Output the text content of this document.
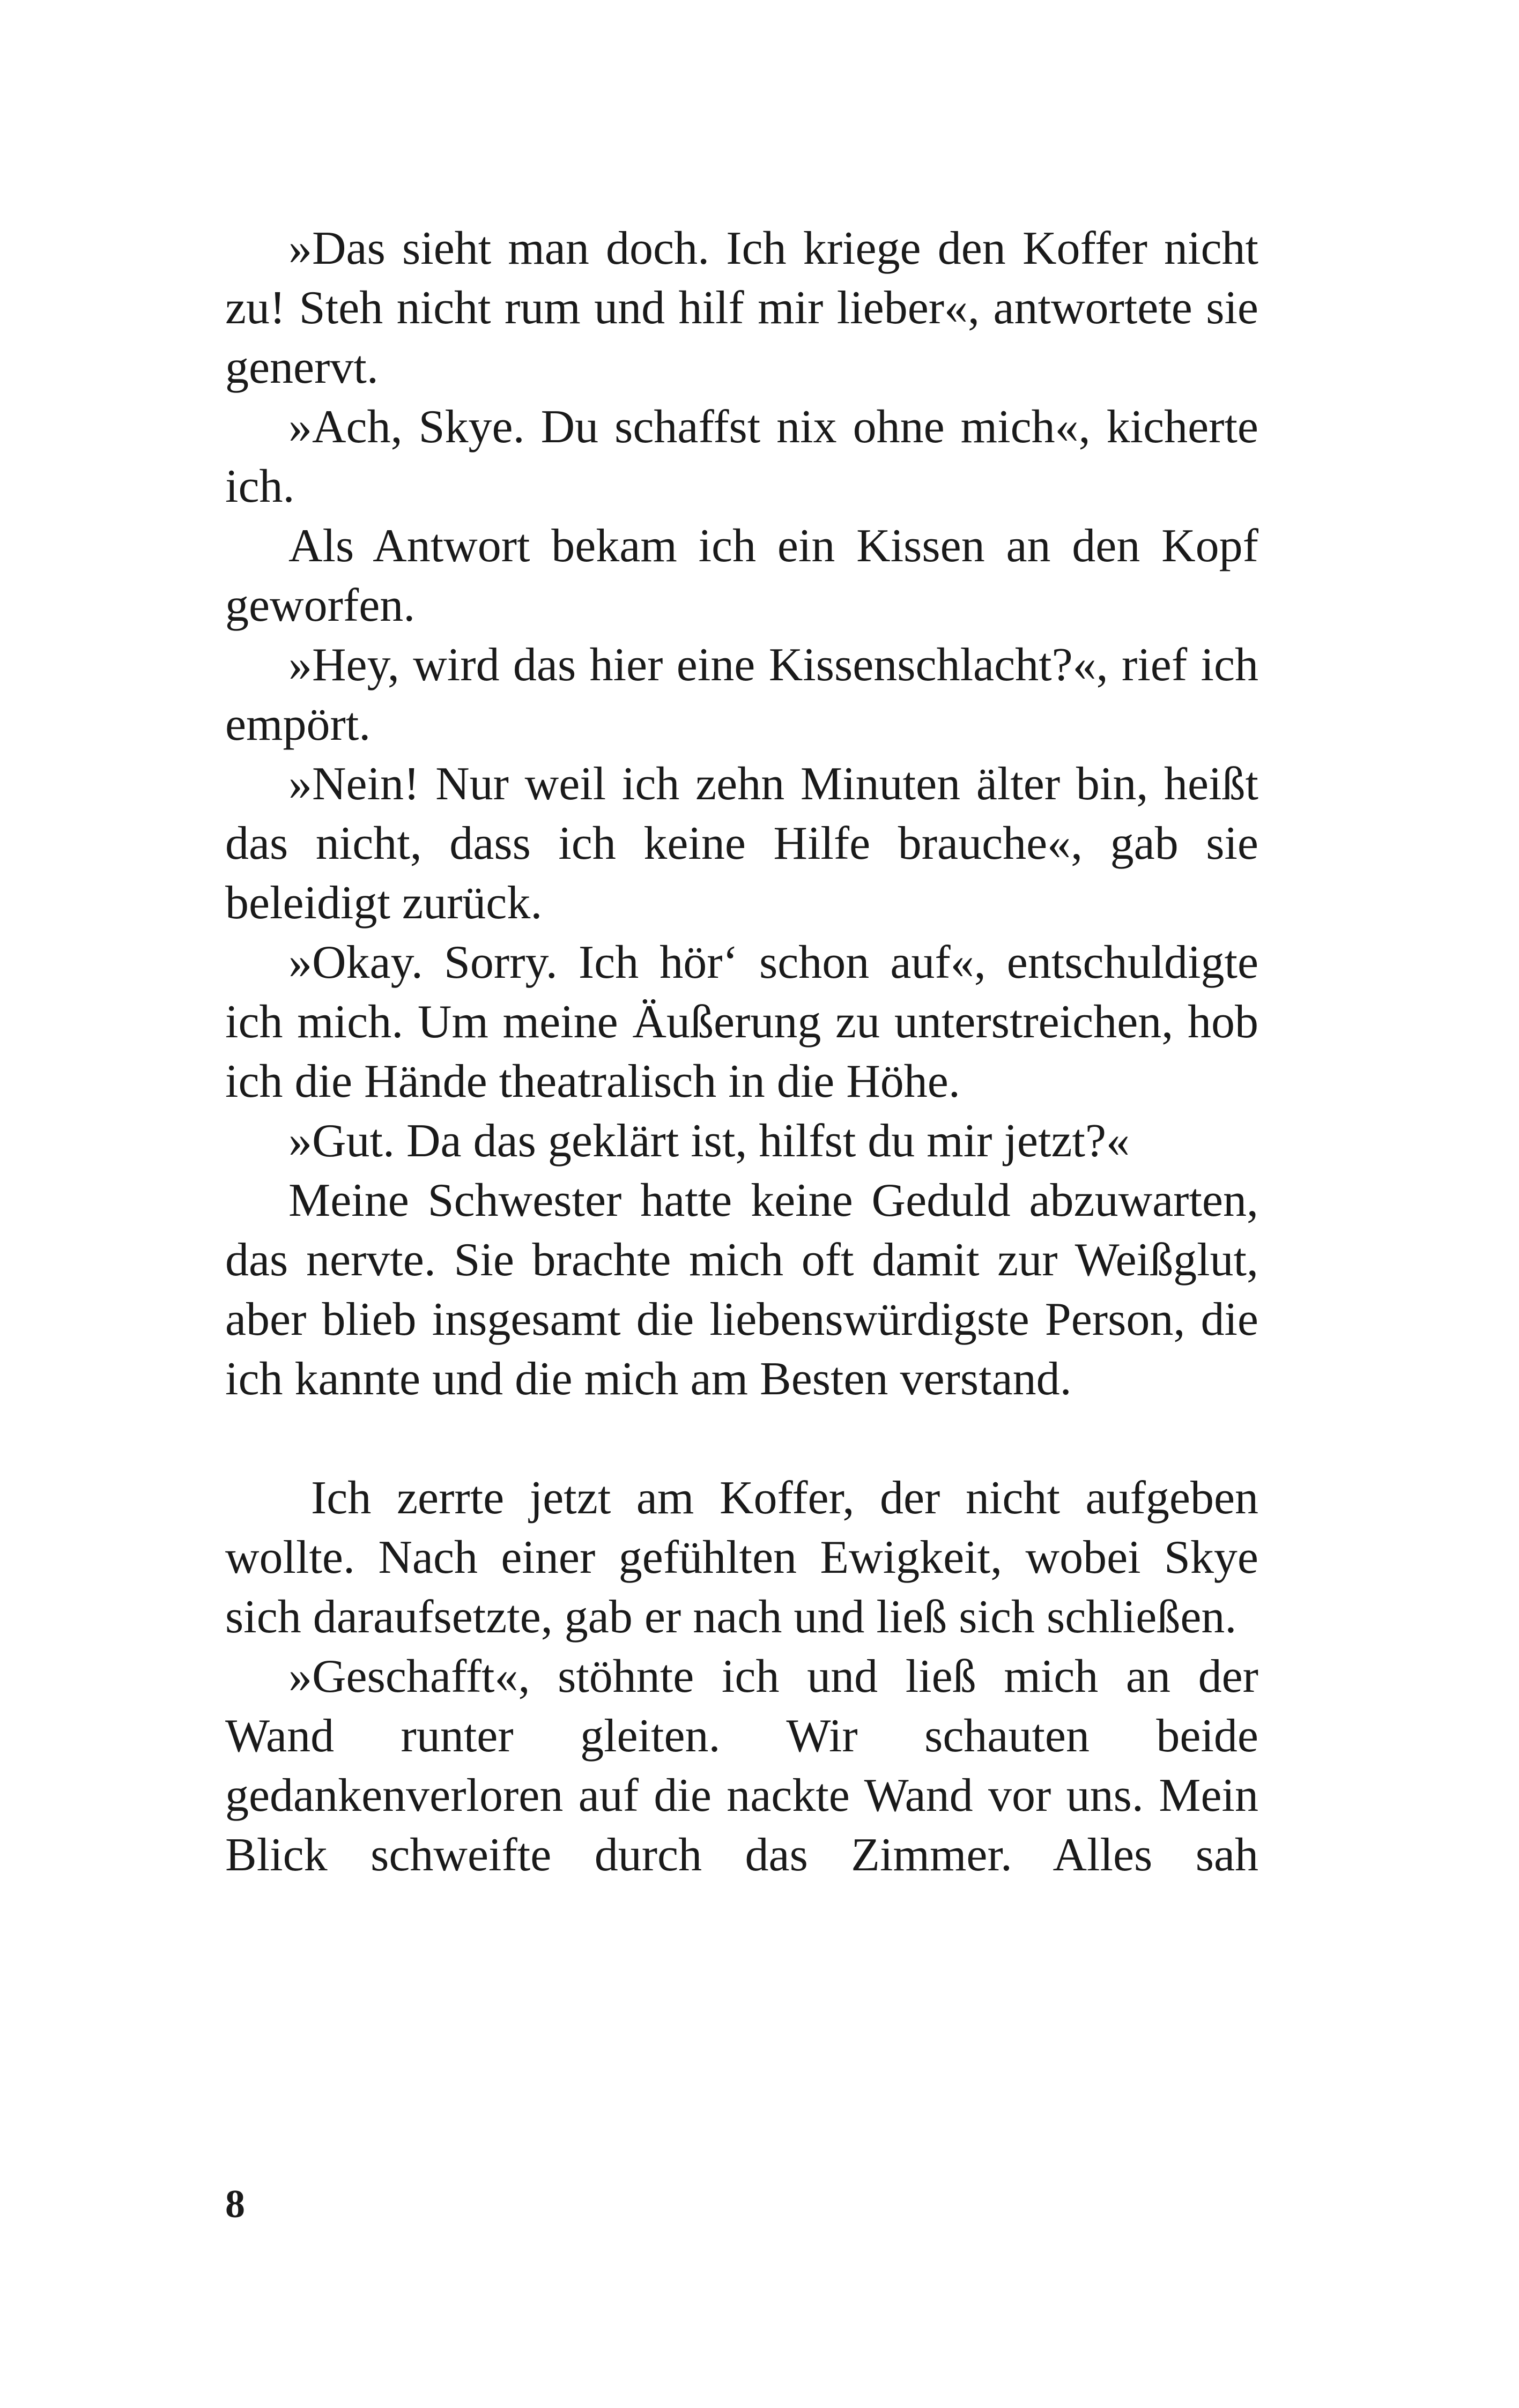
»Das sieht man doch. Ich kriege den Koffer nicht zu! Steh nicht rum und hilf mir lieber«, antwortete sie genervt.

»Ach, Skye. Du schaffst nix ohne mich«, kicherte ich.

Als Antwort bekam ich ein Kissen an den Kopf geworfen.

»Hey, wird das hier eine Kissenschlacht?«, rief ich empört.

»Nein! Nur weil ich zehn Minuten älter bin, heißt das nicht, dass ich keine Hilfe brauche«, gab sie beleidigt zurück.

»Okay. Sorry. Ich hör‘ schon auf«, entschuldigte ich mich. Um meine Äußerung zu unterstreichen, hob ich die Hände theatralisch in die Höhe.

»Gut. Da das geklärt ist, hilfst du mir jetzt?«

Meine Schwester hatte keine Geduld abzuwarten, das nervte. Sie brachte mich oft damit zur Weißglut, aber blieb insgesamt die liebenswürdigste Person, die ich kannte und die mich am Besten verstand.

Ich zerrte jetzt am Koffer, der nicht aufgeben wollte. Nach einer gefühlten Ewigkeit, wobei Skye sich daraufsetzte, gab er nach und ließ sich schließen.

»Geschafft«, stöhnte ich und ließ mich an der Wand runter gleiten. Wir schauten beide gedankenverloren auf die nackte Wand vor uns. Mein Blick schweifte durch das Zimmer. Alles sah

8
